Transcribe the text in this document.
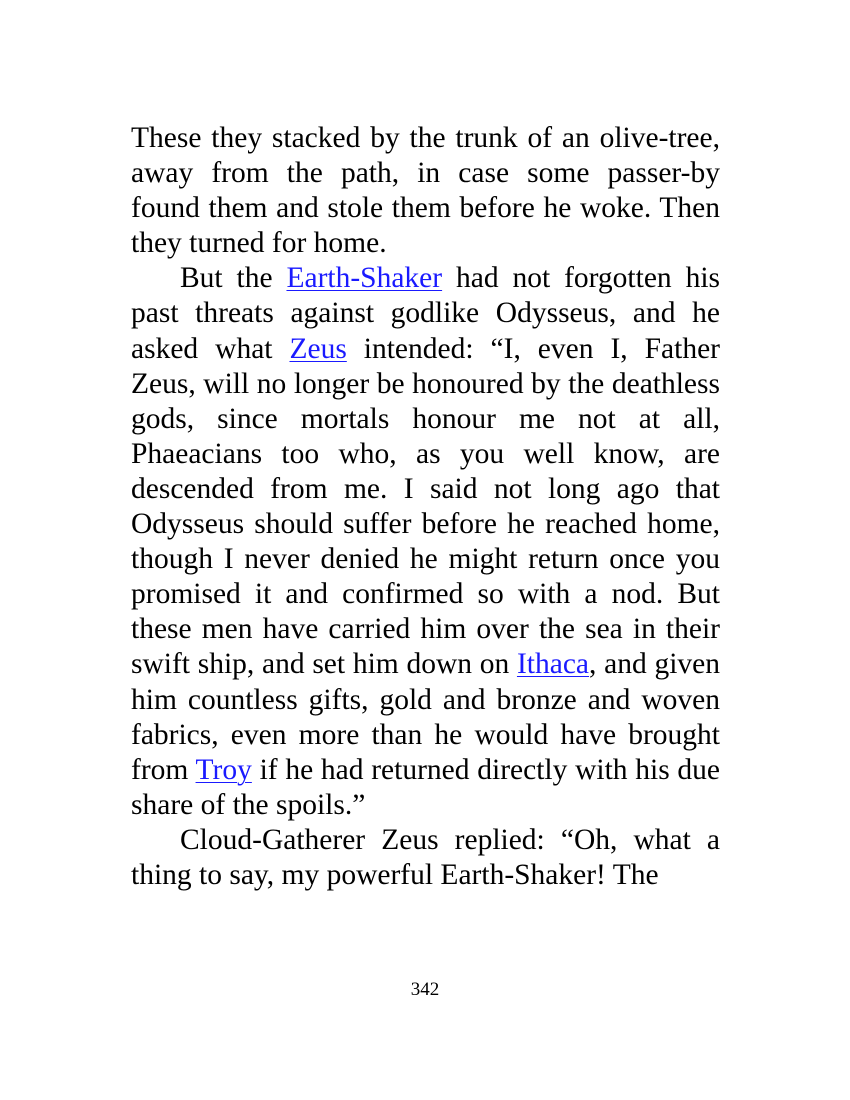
These they stacked by the trunk of an olive-tree, away from the path, in case some passer-by found them and stole them before he woke. Then they turned for home.

But the Earth-Shaker had not forgotten his past threats against godlike Odysseus, and he asked what Zeus intended: “I, even I, Father Zeus, will no longer be honoured by the deathless gods, since mortals honour me not at all, Phaeacians too who, as you well know, are descended from me. I said not long ago that Odysseus should suffer before he reached home, though I never denied he might return once you promised it and confirmed so with a nod. But these men have carried him over the sea in their swift ship, and set him down on Ithaca, and given him countless gifts, gold and bronze and woven fabrics, even more than he would have brought from Troy if he had returned directly with his due share of the spoils.”

Cloud-Gatherer Zeus replied: “Oh, what a thing to say, my powerful Earth-Shaker! The

342
